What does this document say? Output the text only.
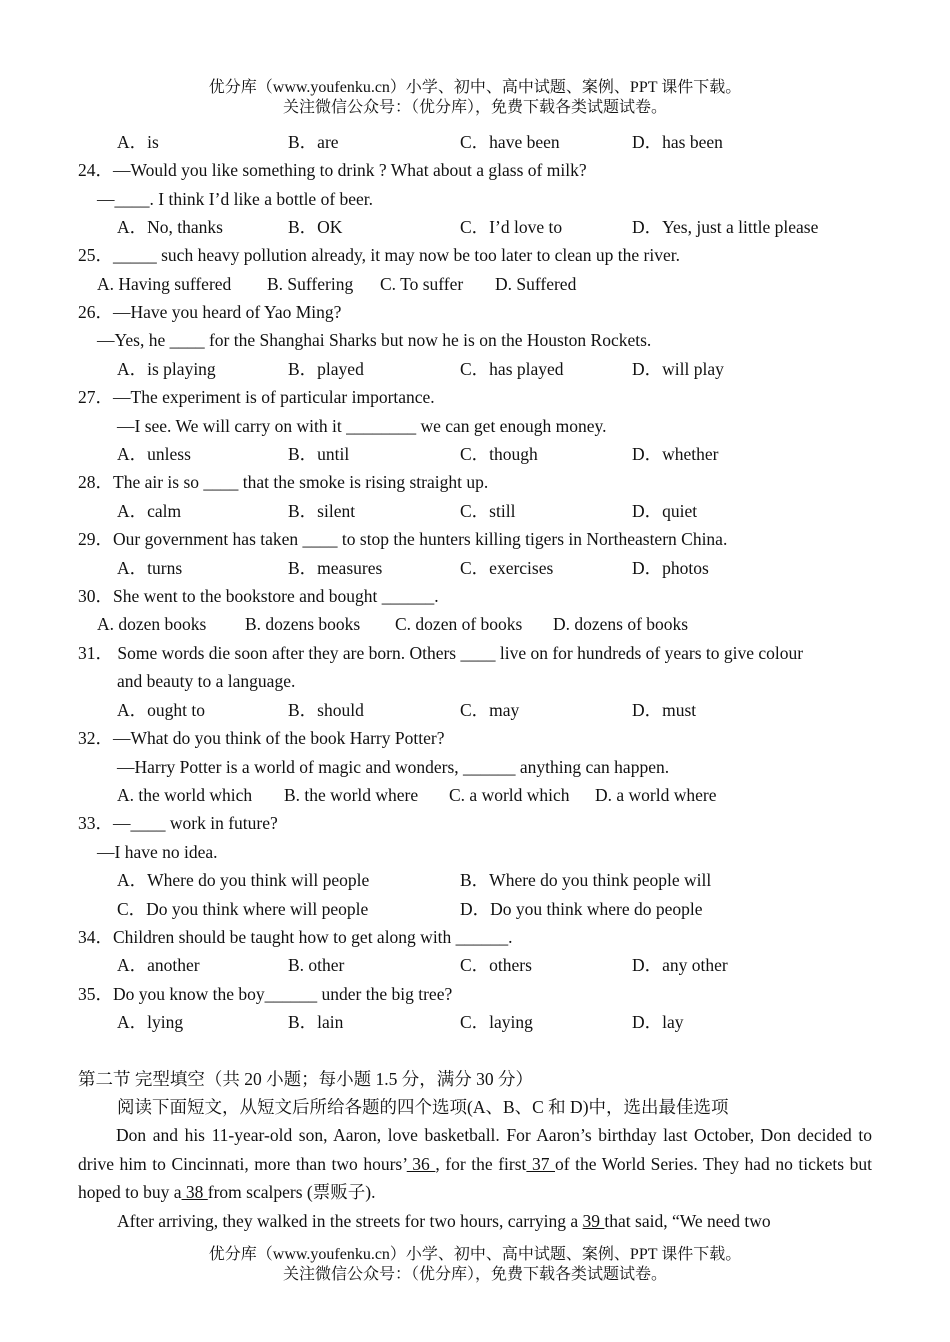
优分库（www.youfenku.cn）小学、初中、高中试题、案例、PPT 课件下载。
关注微信公众号：（优分库），免费下载各类试题试卷。
A．is	B．are	C．have been	D．has been
24．—Would you like something to drink ? What about a glass of milk?
—____. I think I’d like a bottle of beer.
A．No, thanks	B．OK	C．I’d love to	D．Yes, just a little please
25．_____ such heavy pollution already, it may now be too later to clean up the river.
A. Having suffered B. Suffering C. To suffer D. Suffered
26．—Have you heard of Yao Ming?
—Yes, he ____ for the Shanghai Sharks but now he is on the Houston Rockets.
A．is playing	B．played	C．has played	D．will play
27．—The experiment is of particular importance.
—I see. We will carry on with it ________ we can get enough money.
A．unless	B．until	C．though	D．whether
28．The air is so ____ that the smoke is rising straight up.
A．calm	B．silent	C．still	D．quiet
29．Our government has taken ____ to stop the hunters killing tigers in Northeastern China.
A．turns	B．measures	C．exercises	D．photos
30．She went to the bookstore and bought ______.
A. dozen books B. dozens books C. dozen of books D. dozens of books
31． Some words die soon after they are born. Others ____ live on for hundreds of years to give colour
and beauty to a language.
A．ought to	B．should	C．may	D．must
32．—What do you think of the book Harry Potter?
—Harry Potter is a world of magic and wonders, ______ anything can happen.
A. the world which B. the world where C. a world which D. a world where
33．—____ work in future?
—I have no idea.
A．Where do you think will people	B．Where do you think people will
C．Do you think where will people	D．Do you think where do people
34．Children should be taught how to get along with ______.
A．another	B. other	C．others	D．any other
35．Do you know the boy______ under the big tree?
A．lying	B．lain	C．laying	D．lay
第二节 完型填空（共 20 小题；每小题 1.5 分，满分 30 分）
阅读下面短文，从短文后所给各题的四个选项(A、B、C 和 D)中，选出最佳选项
Don and his 11-year-old son, Aaron, love basketball. For Aaron’s birthday last October, Don decided to drive him to Cincinnati, more than two hours’ 36 , for the first 37 of the World Series. They had no tickets but hoped to buy a 38 from scalpers (票贩子).
After arriving, they walked in the streets for two hours, carrying a 39 that said, “We need two
优分库（www.youfenku.cn）小学、初中、高中试题、案例、PPT 课件下载。
关注微信公众号：（优分库），免费下载各类试题试卷。
